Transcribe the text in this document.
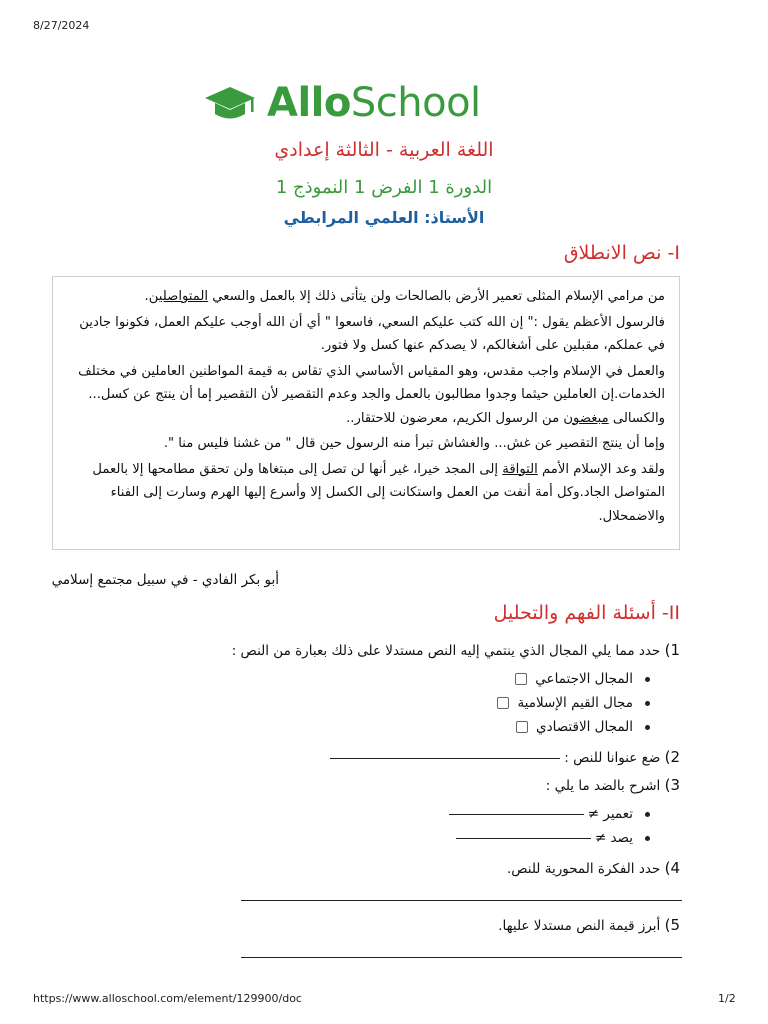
8/27/2024
AlloSchool
اللغة العربية - الثالثة إعدادي
الدورة 1 الفرض 1 النموذج 1
الأستاذ: العلمي المرابطي
I- نص الانطلاق

من مرامي الإسلام المثلى تعمير الأرض بالصالحات ولن يتأتى ذلك إلا بالعمل والسعي المتواصلين.

فالرسول الأعظم يقول :" إن الله كتب عليكم السعي، فاسعوا " أي أن الله أوجب عليكم العمل، فكونوا جادين في عملكم، مقبلين على أشغالكم، لا يصدكم عنها كسل ولا فتور.

والعمل في الإسلام واجب مقدس، وهو المقياس الأساسي الذي تقاس به قيمة المواطنين العاملين في مختلف الخدمات.إن العاملين حيثما وجدوا مطالبون بالعمل والجد وعدم التقصير لأن التقصير إما أن ينتج عن كسل... والكسالى مبغضون من الرسول الكريم، معرضون للاحتقار..

وإما أن ينتج التقصير عن غش... والغشاش تبرأ منه الرسول حين قال " من غشنا فليس منا ".

ولقد وعد الإسلام الأمم التواقة إلى المجد خيرا، غير أنها لن تصل إلى مبتغاها ولن تحقق مطامحها إلا بالعمل المتواصل الجاد.وكل أمة أنفت من العمل واستكانت إلى الكسل إلا وأسرع إليها الهرم وسارت إلى الفناء والاضمحلال.

أبو بكر الفادي - في سبيل مجتمع إسلامي
II- أسئلة الفهم والتحليل
1) حدد مما يلي المجال الذي ينتمي إليه النص مستدلا على ذلك بعبارة من النص :
المجال الاجتماعي
مجال القيم الإسلامية
المجال الاقتصادي
2) ضع عنوانا للنص :
3) اشرح بالضد ما يلي :
تعمير ≠

يصد ≠

4) حدد الفكرة المحورية للنص.
5) أبرز قيمة النص مستدلا عليها.
https://www.alloschool.com/element/129900/doc	1/2
